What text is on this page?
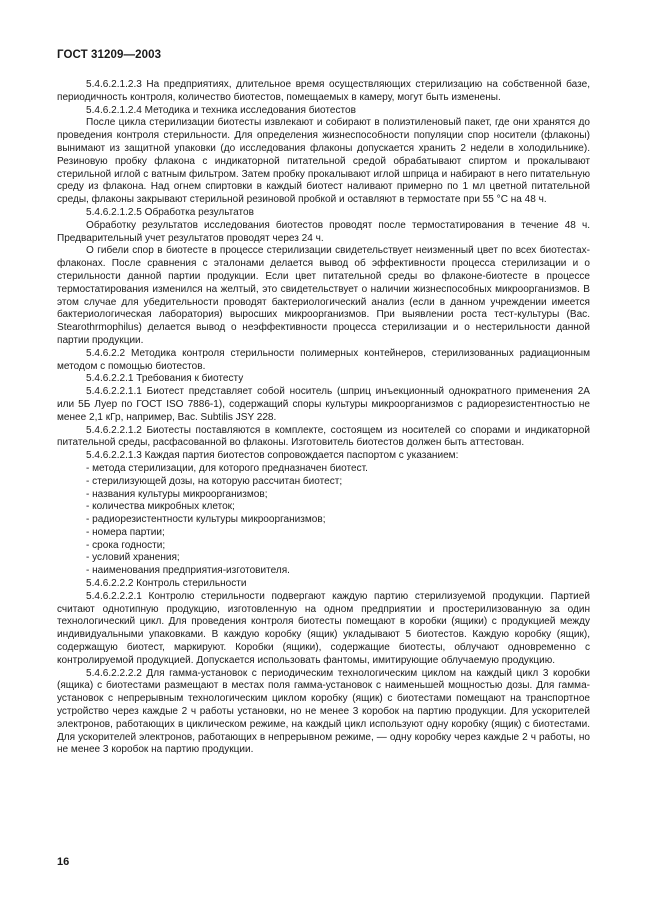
ГОСТ 31209—2003

5.4.6.2.1.2.3 На предприятиях, длительное время осуществляющих стерилизацию на собственной базе, периодичность контроля, количество биотестов, помещаемых в камеру, могут быть изменены.

5.4.6.2.1.2.4 Методика и техника исследования биотестов

После цикла стерилизации биотесты извлекают и собирают в полиэтиленовый пакет, где они хранятся до проведения контроля стерильности. Для определения жизнеспособности популяции спор носители (флаконы) вынимают из защитной упаковки (до исследования флаконы допускается хранить 2 недели в холодильнике). Резиновую пробку флакона с индикаторной питательной средой обрабатывают спиртом и прокалывают стерильной иглой с ватным фильтром. Затем пробку прокалывают иглой шприца и набирают в него питательную среду из флакона. Над огнем спиртовки в каждый биотест наливают примерно по 1 мл цветной питательной среды, флаконы закрывают стерильной резиновой пробкой и оставляют в термостате при 55 °С на 48 ч.

5.4.6.2.1.2.5 Обработка результатов

Обработку результатов исследования биотестов проводят после термостатирования в течение 48 ч. Предварительный учет результатов проводят через 24 ч.

О гибели спор в биотесте в процессе стерилизации свидетельствует неизменный цвет по всех биотестах-флаконах. После сравнения с эталонами делается вывод об эффективности процесса стерилизации и о стерильности данной партии продукции. Если цвет питательной среды во флаконе-биотесте в процессе термостатирования изменился на желтый, это свидетельствует о наличии жизнеспособных микроорганизмов. В этом случае для убедительности проводят бактериологический анализ (если в данном учреждении имеется бактериологическая лаборатория) выросших микроорганизмов. При выявлении роста тест-культуры (Bac. Stearothrmophilus) делается вывод о неэффективности процесса стерилизации и о нестерильности данной партии продукции.

5.4.6.2.2 Методика контроля стерильности полимерных контейнеров, стерилизованных радиационным методом с помощью биотестов.

5.4.6.2.2.1 Требования к биотесту

5.4.6.2.2.1.1 Биотест представляет собой носитель (шприц инъекционный однократного применения 2А или 5Б Луер по ГОСТ ISO 7886-1), содержащий споры культуры микроорганизмов с радиорезистентностью не менее 2,1 кГр, например, Bac. Subtilis JSY 228.

5.4.6.2.2.1.2 Биотесты поставляются в комплекте, состоящем из носителей со спорами и индикаторной питательной среды, расфасованной во флаконы. Изготовитель биотестов должен быть аттестован.

5.4.6.2.2.1.3 Каждая партия биотестов сопровождается паспортом с указанием:

- метода стерилизации, для которого предназначен биотест.

- стерилизующей дозы, на которую рассчитан биотест;

- названия культуры микроорганизмов;

- количества микробных клеток;

- радиорезистентности культуры микроорганизмов;

- номера партии;

- срока годности;

- условий хранения;

- наименования предприятия-изготовителя.

5.4.6.2.2.2 Контроль стерильности

5.4.6.2.2.2.1 Контролю стерильности подвергают каждую партию стерилизуемой продукции. Партией считают однотипную продукцию, изготовленную на одном предприятии и простерилизованную за один технологический цикл. Для проведения контроля биотесты помещают в коробки (ящики) с продукцией между индивидуальными упаковками. В каждую коробку (ящик) укладывают 5 биотестов. Каждую коробку (ящик), содержащую биотест, маркируют. Коробки (ящики), содержащие биотесты, облучают одновременно с контролируемой продукцией. Допускается использовать фантомы, имитирующие облучаемую продукцию.

5.4.6.2.2.2.2 Для гамма-установок с периодическим технологическим циклом на каждый цикл 3 коробки (ящика) с биотестами размещают в местах поля гамма-установок с наименьшей мощностью дозы. Для гамма-установок с непрерывным технологическим циклом коробку (ящик) с биотестами помещают на транспортное устройство через каждые 2 ч работы установки, но не менее 3 коробок на партию продукции. Для ускорителей электронов, работающих в циклическом режиме, на каждый цикл используют одну коробку (ящик) с биотестами. Для ускорителей электронов, работающих в непрерывном режиме, — одну коробку через каждые 2 ч работы, но не менее 3 коробок на партию продукции.

16
